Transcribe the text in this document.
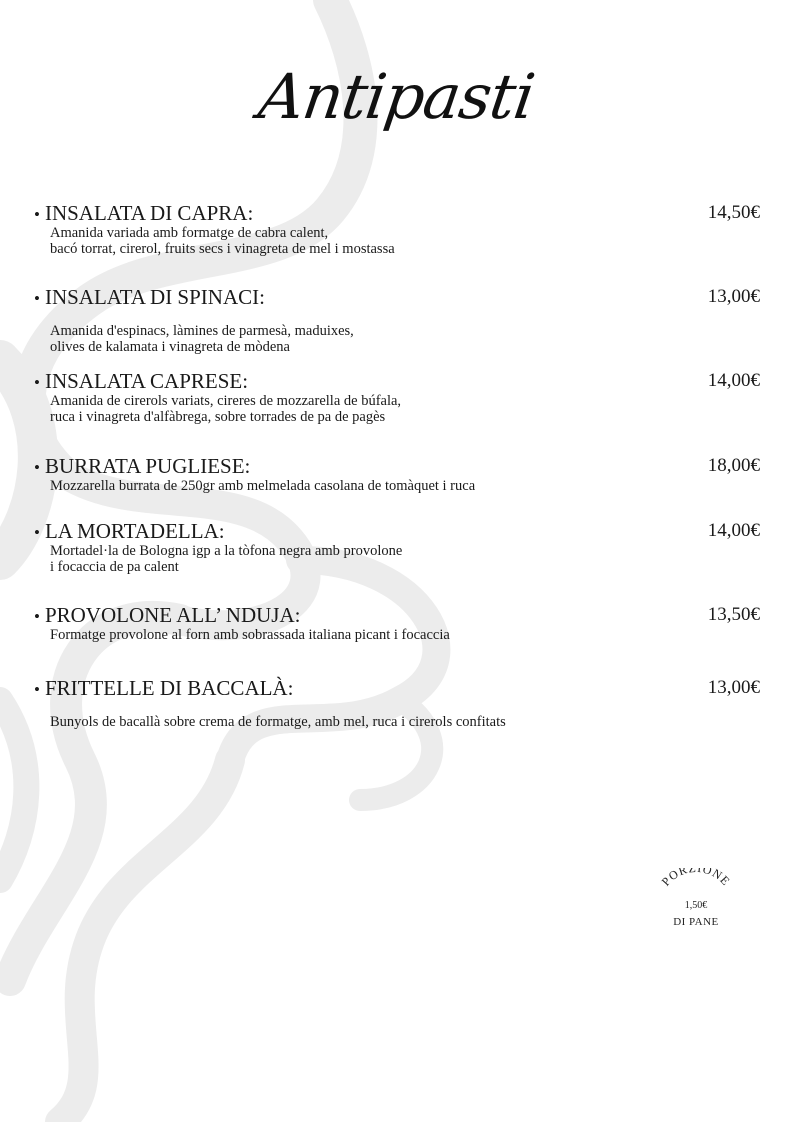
Antipasti
• INSALATA DI CAPRA:	14,50€
Amanida variada amb formatge de cabra calent,
bacó torrat, cirerol, fruits secs i vinagreta de mel i mostassa
• INSALATA DI SPINACI:	13,00€
Amanida d'espinacs, làmines de parmesà, maduixes,
olives de kalamata i vinagreta de mòdena
• INSALATA CAPRESE:	14,00€
Amanida de cirerols variats, cireres de mozzarella de búfala,
ruca i vinagreta d'alfàbrega, sobre torrades de pa de pagès
• BURRATA PUGLIESE:	18,00€
Mozzarella burrata de 250gr amb melmelada casolana de tomàquet i ruca
• LA MORTADELLA:	14,00€
Mortadel·la de Bologna igp a la tòfona negra amb provolone
i focaccia de pa calent
• PROVOLONE ALL’ NDUJA:	13,50€
Formatge provolone al forn amb sobrassada italiana picant i focaccia
• FRITTELLE DI BACCALÀ:	13,00€
Bunyols de bacallà sobre crema de formatge, amb mel, ruca i cirerols confitats
PORZIONE
1,50€
DI PANE
